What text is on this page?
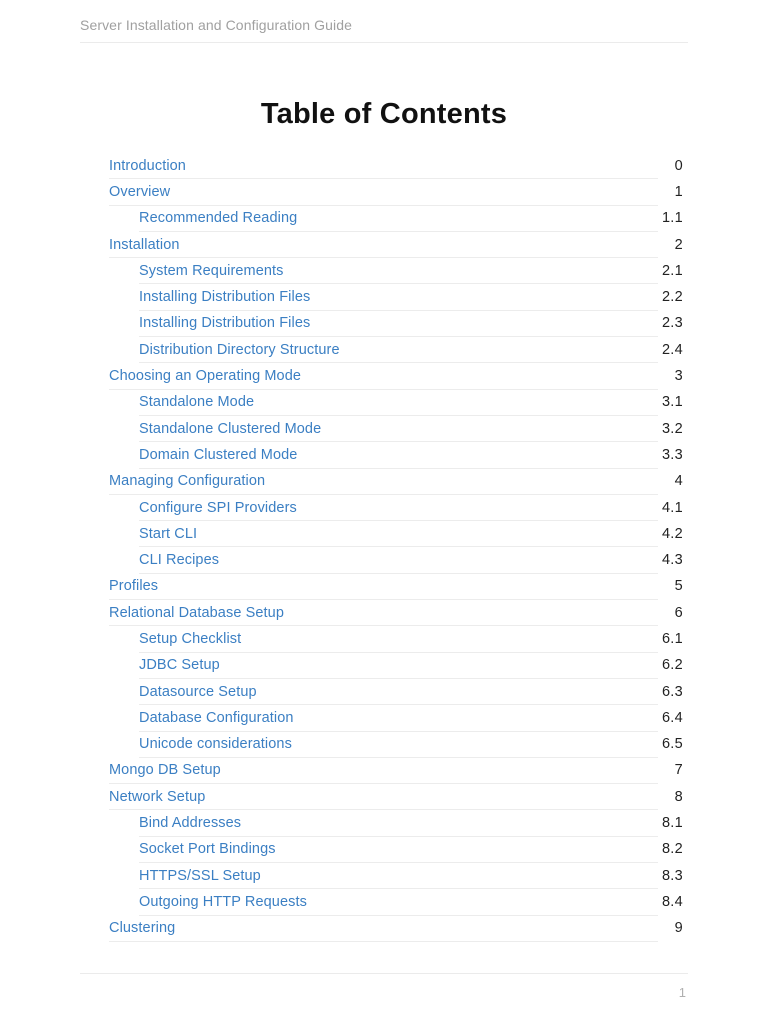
Server Installation and Configuration Guide
Table of Contents
Introduction	0
Overview	1
Recommended Reading	1.1
Installation	2
System Requirements	2.1
Installing Distribution Files	2.2
Installing Distribution Files	2.3
Distribution Directory Structure	2.4
Choosing an Operating Mode	3
Standalone Mode	3.1
Standalone Clustered Mode	3.2
Domain Clustered Mode	3.3
Managing Configuration	4
Configure SPI Providers	4.1
Start CLI	4.2
CLI Recipes	4.3
Profiles	5
Relational Database Setup	6
Setup Checklist	6.1
JDBC Setup	6.2
Datasource Setup	6.3
Database Configuration	6.4
Unicode considerations	6.5
Mongo DB Setup	7
Network Setup	8
Bind Addresses	8.1
Socket Port Bindings	8.2
HTTPS/SSL Setup	8.3
Outgoing HTTP Requests	8.4
Clustering	9
1
